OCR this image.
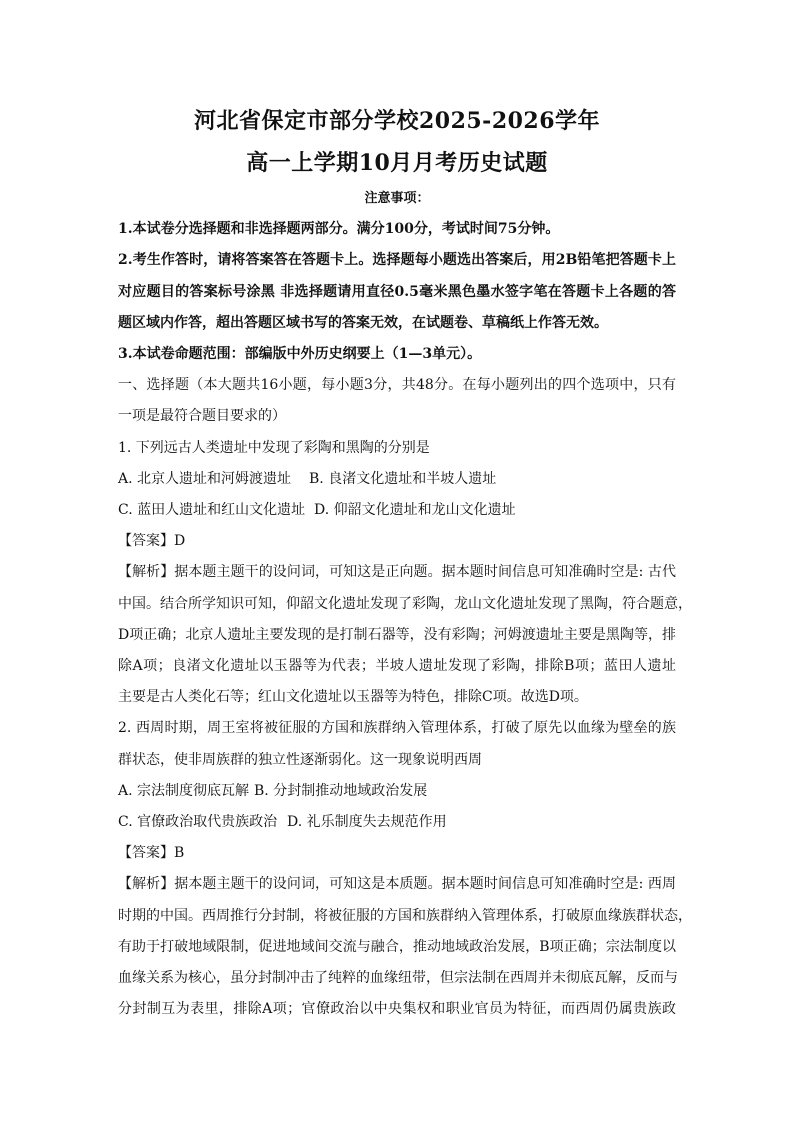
河北省保定市部分学校2025-2026学年
高一上学期10月月考历史试题
注意事项：
1.本试卷分选择题和非选择题两部分。满分100分，考试时间75分钟。
2.考生作答时，请将答案答在答题卡上。选择题每小题选出答案后，用2B铅笔把答题卡上
对应题目的答案标号涂黑 非选择题请用直径0.5毫米黑色墨水签字笔在答题卡上各题的答
题区域内作答，超出答题区域书写的答案无效，在试题卷、草稿纸上作答无效。
3.本试卷命题范围：部编版中外历史纲要上（1—3单元）。
一、选择题（本大题共16小题，每小题3分，共48分。在每小题列出的四个选项中，只有
一项是最符合题目要求的）
1. 下列远古人类遗址中发现了彩陶和黑陶的分别是
A. 北京人遗址和河姆渡遗址 B. 良渚文化遗址和半坡人遗址
C. 蓝田人遗址和红山文化遗址 D. 仰韶文化遗址和龙山文化遗址
【答案】D
【解析】据本题主题干的设问词，可知这是正向题。据本题时间信息可知准确时空是: 古代
中国。结合所学知识可知，仰韶文化遗址发现了彩陶，龙山文化遗址发现了黑陶，符合题意，
D项正确；北京人遗址主要发现的是打制石器等，没有彩陶；河姆渡遗址主要是黑陶等，排
除A项；良渚文化遗址以玉器等为代表；半坡人遗址发现了彩陶，排除B项；蓝田人遗址
主要是古人类化石等；红山文化遗址以玉器等为特色，排除C项。故选D项。
2. 西周时期，周王室将被征服的方国和族群纳入管理体系，打破了原先以血缘为壁垒的族
群状态，使非周族群的独立性逐渐弱化。这一现象说明西周
A. 宗法制度彻底瓦解 B. 分封制推动地域政治发展
C. 官僚政治取代贵族政治 D. 礼乐制度失去规范作用
【答案】B
【解析】据本题主题干的设问词，可知这是本质题。据本题时间信息可知准确时空是: 西周
时期的中国。西周推行分封制，将被征服的方国和族群纳入管理体系，打破原血缘族群状态，
有助于打破地域限制，促进地域间交流与融合，推动地域政治发展，B项正确；宗法制度以
血缘关系为核心，虽分封制冲击了纯粹的血缘纽带，但宗法制在西周并未彻底瓦解，反而与
分封制互为表里，排除A项；官僚政治以中央集权和职业官员为特征，而西周仍属贵族政
